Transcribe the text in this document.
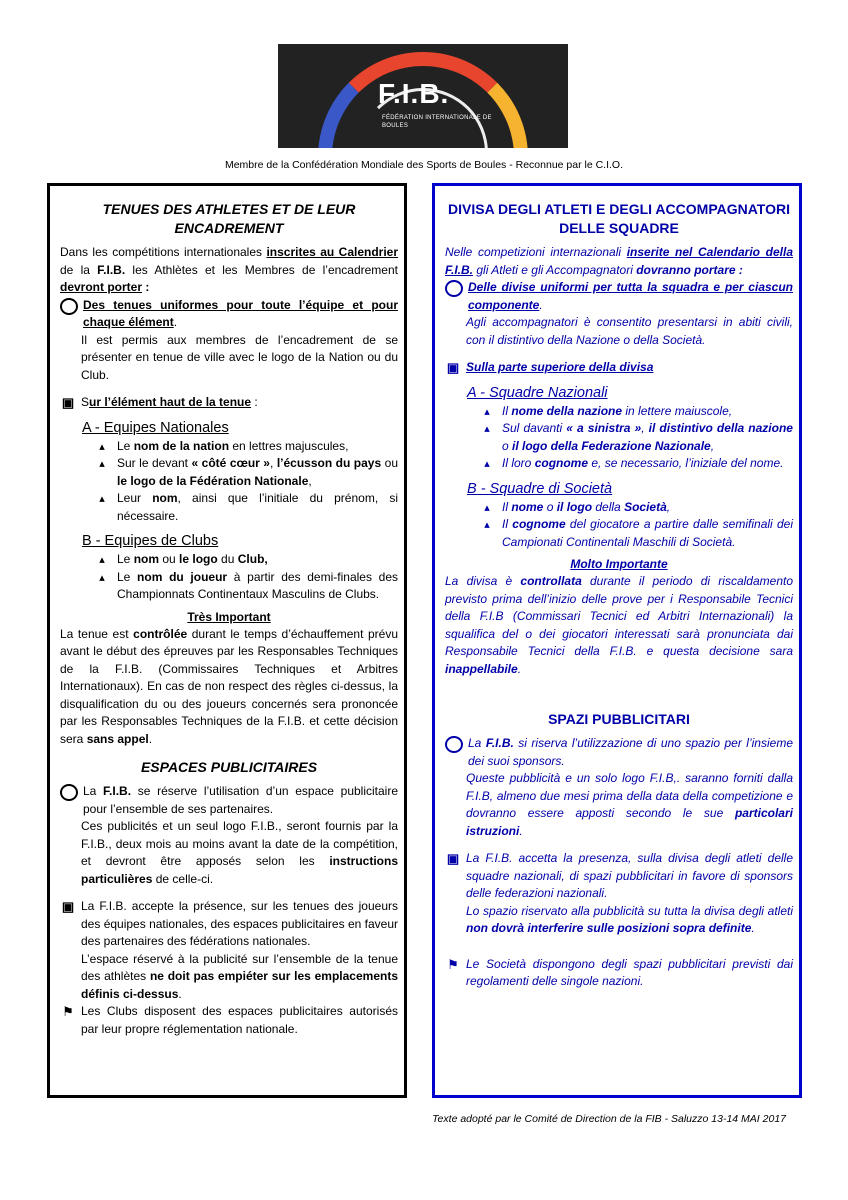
F.I.B.
FÉDÉRATION INTERNATIONALE DE BOULES
Membre de la Confédération Mondiale des Sports de Boules - Reconnue par le C.I.O.
TENUES DES ATHLETES ET DE LEUR ENCADREMENT

Dans les compétitions internationales inscrites au Calendrier de la F.I.B. les Athlètes et les Membres de l’encadrement devront porter :

Des tenues uniformes pour toute l’équipe et pour chaque élément.

Il est permis aux membres de l’encadrement de se présenter en tenue de ville avec le logo de la Nation ou du Club.

▣ Sur l’élément haut de la tenue :

A - Equipes Nationales
▴	Le nom de la nation en lettres majuscules,

▴	Sur le devant « côté cœur », l’écusson du pays ou le logo de la Fédération Nationale,

▴	Leur nom, ainsi que l’initiale du prénom, si nécessaire.

B - Equipes de Clubs
▴	Le nom ou le logo du Club,

▴	Le nom du joueur à partir des demi-finales des Championnats Continentaux Masculins de Clubs.

Très Important

La tenue est contrôlée durant le temps d’échauffement prévu avant le début des épreuves par les Responsables Techniques de la F.I.B. (Commissaires Techniques et Arbitres Internationaux). En cas de non respect des règles ci-dessus, la disqualification du ou des joueurs concernés sera prononcée par les Responsables Techniques de la F.I.B. et cette décision sera sans appel.

ESPACES PUBLICITAIRES

La F.I.B. se réserve l’utilisation d’un espace publicitaire pour l’ensemble de ses partenaires.

Ces publicités et un seul logo F.I.B., seront fournis par la F.I.B., deux mois au moins avant la date de la compétition, et devront être apposés selon les instructions particulières de celle-ci.

▣ La F.I.B. accepte la présence, sur les tenues des joueurs des équipes nationales, des espaces publicitaires en faveur des partenaires des fédérations nationales.

L’espace réservé à la publicité sur l’ensemble de la tenue des athlètes ne doit pas empiéter sur les emplacements définis ci-dessus.

⚑ Les Clubs disposent des espaces publicitaires autorisés par leur propre réglementation nationale.

DIVISA DEGLI ATLETI E DEGLI ACCOMPAGNATORI DELLE SQUADRE

Nelle competizioni internazionali inserite nel Calendario della F.I.B. gli Atleti e gli Accompagnatori dovranno portare :

Delle divise uniformi per tutta la squadra e per ciascun componente.

Agli accompagnatori è consentito presentarsi in abiti civili, con il distintivo della Nazione o della Società.

▣ Sulla parte superiore della divisa

A - Squadre Nazionali
▴	Il nome della nazione in lettere maiuscole,

▴	Sul davanti « a sinistra », il distintivo della nazione o il logo della Federazione Nazionale,

▴	Il loro cognome e, se necessario, l’iniziale del nome.

B - Squadre di Società
▴	Il nome o il logo della Società,

▴	Il cognome del giocatore a partire dalle semifinali dei Campionati Continentali Maschili di Società.

Molto Importante

La divisa è controllata durante il periodo di riscaldamento previsto prima dell’inizio delle prove per i Responsabile Tecnici della F.I.B (Commissari Tecnici ed Arbitri Internazionali) la squalifica del o dei giocatori interessati sarà pronunciata dai Responsabile Tecnici della F.I.B. e questa decisione sara inappellabile.

SPAZI PUBBLICITARI

La F.I.B. si riserva l’utilizzazione di uno spazio per l’insieme dei suoi sponsors.

Queste pubblicità e un solo logo F.I.B,. saranno forniti dalla F.I.B, almeno due mesi prima della data della competizione e dovranno essere apposti secondo le sue particolari istruzioni.

▣ La F.I.B. accetta la presenza, sulla divisa degli atleti delle squadre nazionali, di spazi pubblicitari in favore di sponsors delle federazioni nazionali.

Lo spazio riservato alla pubblicità su tutta la divisa degli atleti non dovrà interferire sulle posizioni sopra definite.

⚑ Le Società dispongono degli spazi pubblicitari previsti dai regolamenti delle singole nazioni.

Texte adopté par le Comité de Direction de la FIB - Saluzzo 13-14 MAI 2017
